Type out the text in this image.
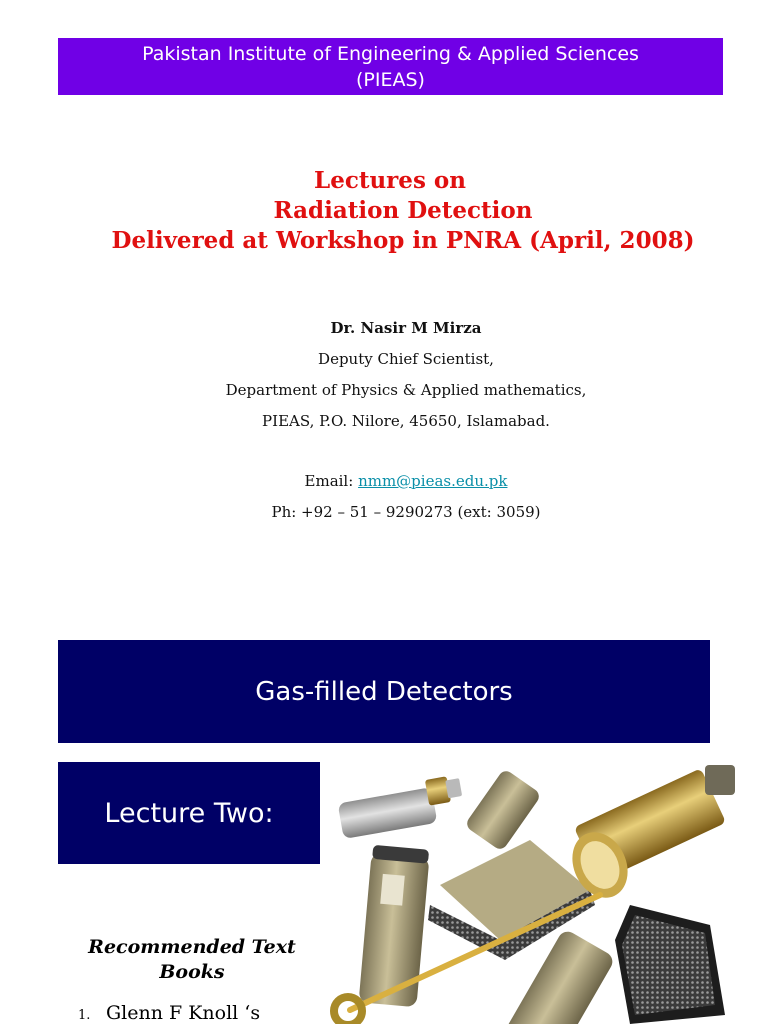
Pakistan Institute of Engineering & Applied Sciences
(PIEAS)
Lectures on
Radiation Detection
Delivered at Workshop in PNRA (April, 2008)
Dr. Nasir M Mirza
Deputy Chief Scientist,
Department of Physics & Applied mathematics,
PIEAS, P.O. Nilore, 45650, Islamabad.
Email: nmm@pieas.edu.pk
Ph: +92 – 51 – 9290273 (ext: 3059)
Gas-filled Detectors
Lecture Two:
Recommended Text
Books
1. Glenn F Knoll ‘s
